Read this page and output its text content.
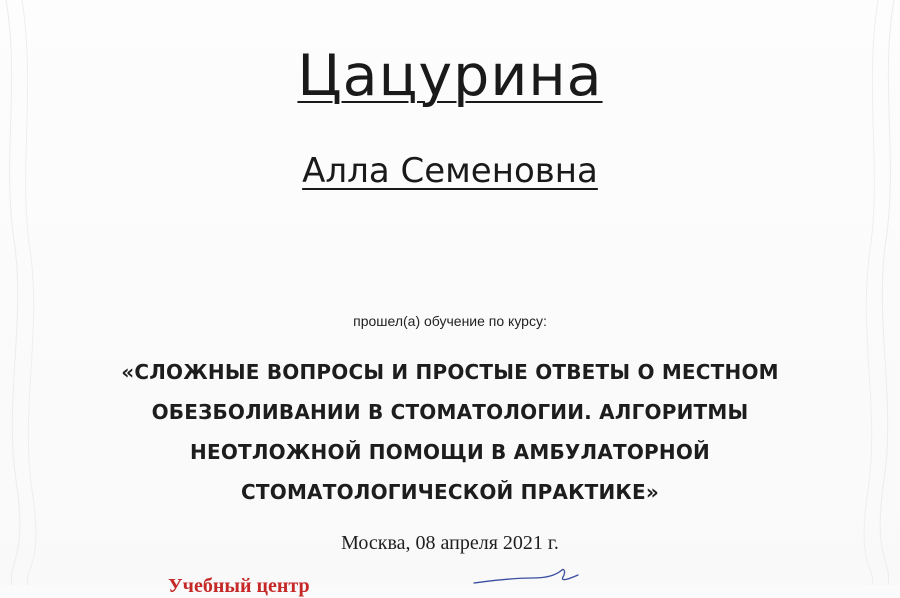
Цацурина
Алла Семеновна
прошел(а) обучение по курсу:
«СЛОЖНЫЕ ВОПРОСЫ И ПРОСТЫЕ ОТВЕТЫ О МЕСТНОМ
ОБЕЗБОЛИВАНИИ В СТОМАТОЛОГИИ. АЛГОРИТМЫ
НЕОТЛОЖНОЙ ПОМОЩИ В АМБУЛАТОРНОЙ
СТОМАТОЛОГИЧЕСКОЙ ПРАКТИКЕ»
Москва, 08 апреля 2021 г.
Учебный центр
